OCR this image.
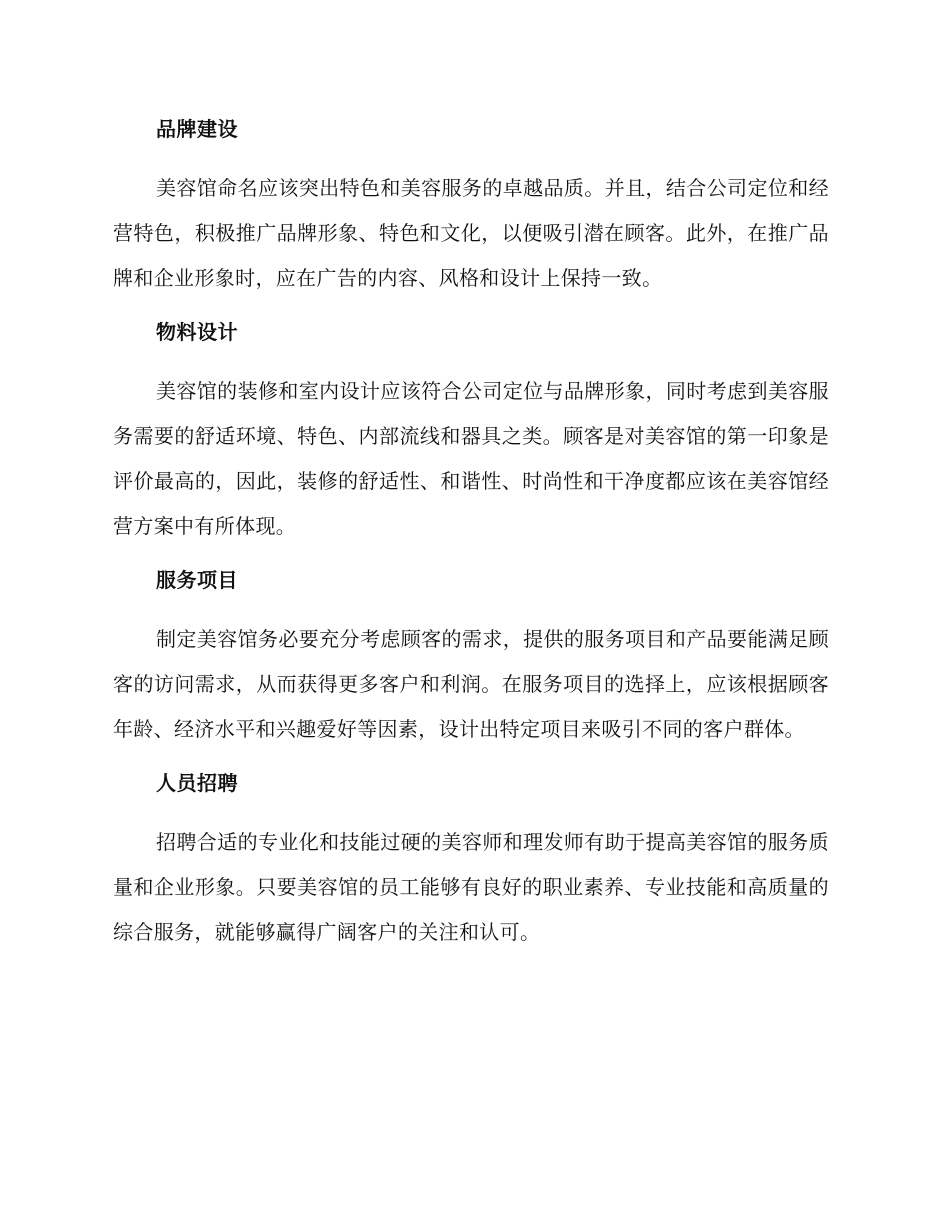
品牌建设

美容馆命名应该突出特色和美容服务的卓越品质。并且，结合公司定位和经营特色，积极推广品牌形象、特色和文化，以便吸引潜在顾客。此外，在推广品牌和企业形象时，应在广告的内容、风格和设计上保持一致。

物料设计

美容馆的装修和室内设计应该符合公司定位与品牌形象，同时考虑到美容服务需要的舒适环境、特色、内部流线和器具之类。顾客是对美容馆的第一印象是评价最高的，因此，装修的舒适性、和谐性、时尚性和干净度都应该在美容馆经营方案中有所体现。

服务项目

制定美容馆务必要充分考虑顾客的需求，提供的服务项目和产品要能满足顾客的访问需求，从而获得更多客户和利润。在服务项目的选择上，应该根据顾客年龄、经济水平和兴趣爱好等因素，设计出特定项目来吸引不同的客户群体。

人员招聘

招聘合适的专业化和技能过硬的美容师和理发师有助于提高美容馆的服务质量和企业形象。只要美容馆的员工能够有良好的职业素养、专业技能和高质量的综合服务，就能够赢得广阔客户的关注和认可。
